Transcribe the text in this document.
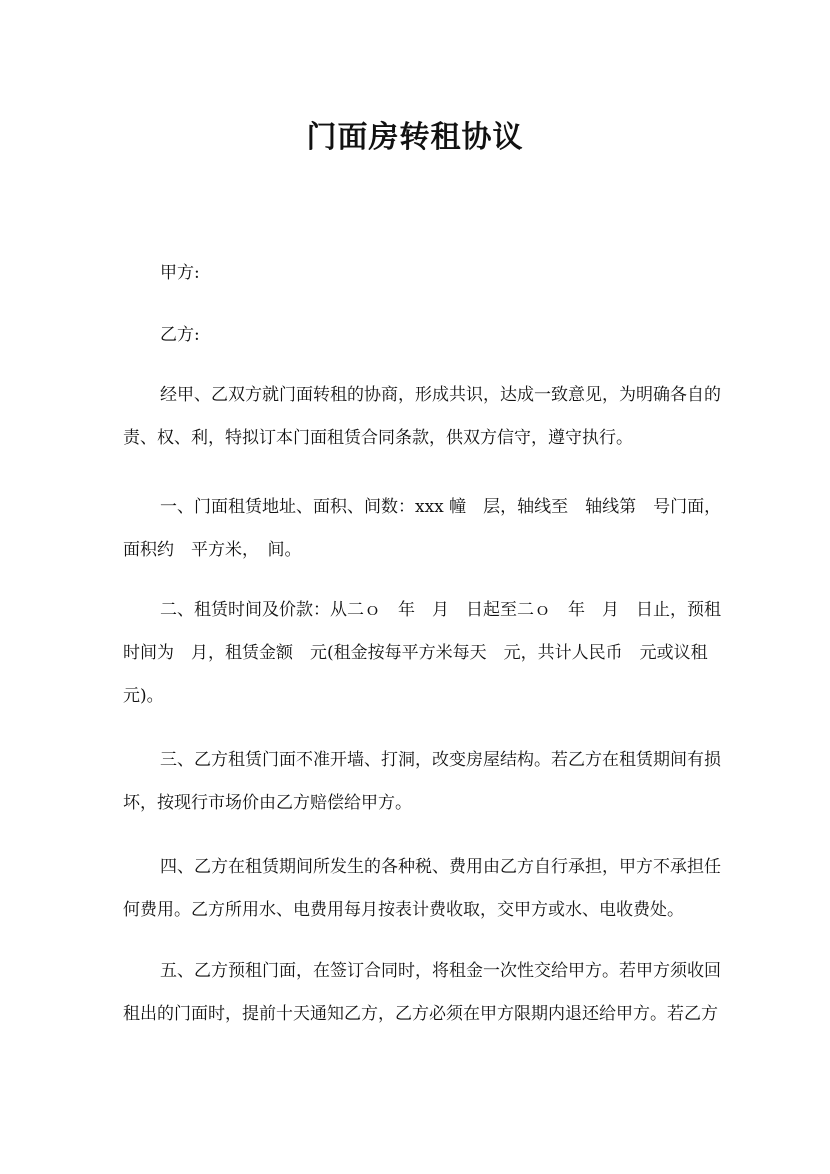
门面房转租协议
甲方:
乙方:
经甲、乙双方就门面转租的协商，形成共识，达成一致意见，为明确各自的
责、权、利，特拟订本门面租赁合同条款，供双方信守，遵守执行。
一、门面租赁地址、面积、间数：xxx 幢　层，轴线至　轴线第　号门面，
面积约　平方米，　间。
二、租赁时间及价款：从二ｏ　年　月　日起至二ｏ　年　月　日止，预租
时间为　月，租赁金额　元(租金按每平方米每天　元，共计人民币　元或议租
元)。
三、乙方租赁门面不准开墙、打洞，改变房屋结构。若乙方在租赁期间有损
坏，按现行市场价由乙方赔偿给甲方。
四、乙方在租赁期间所发生的各种税、费用由乙方自行承担，甲方不承担任
何费用。乙方所用水、电费用每月按表计费收取，交甲方或水、电收费处。
五、乙方预租门面，在签订合同时，将租金一次性交给甲方。若甲方须收回
租出的门面时，提前十天通知乙方，乙方必须在甲方限期内退还给甲方。若乙方
